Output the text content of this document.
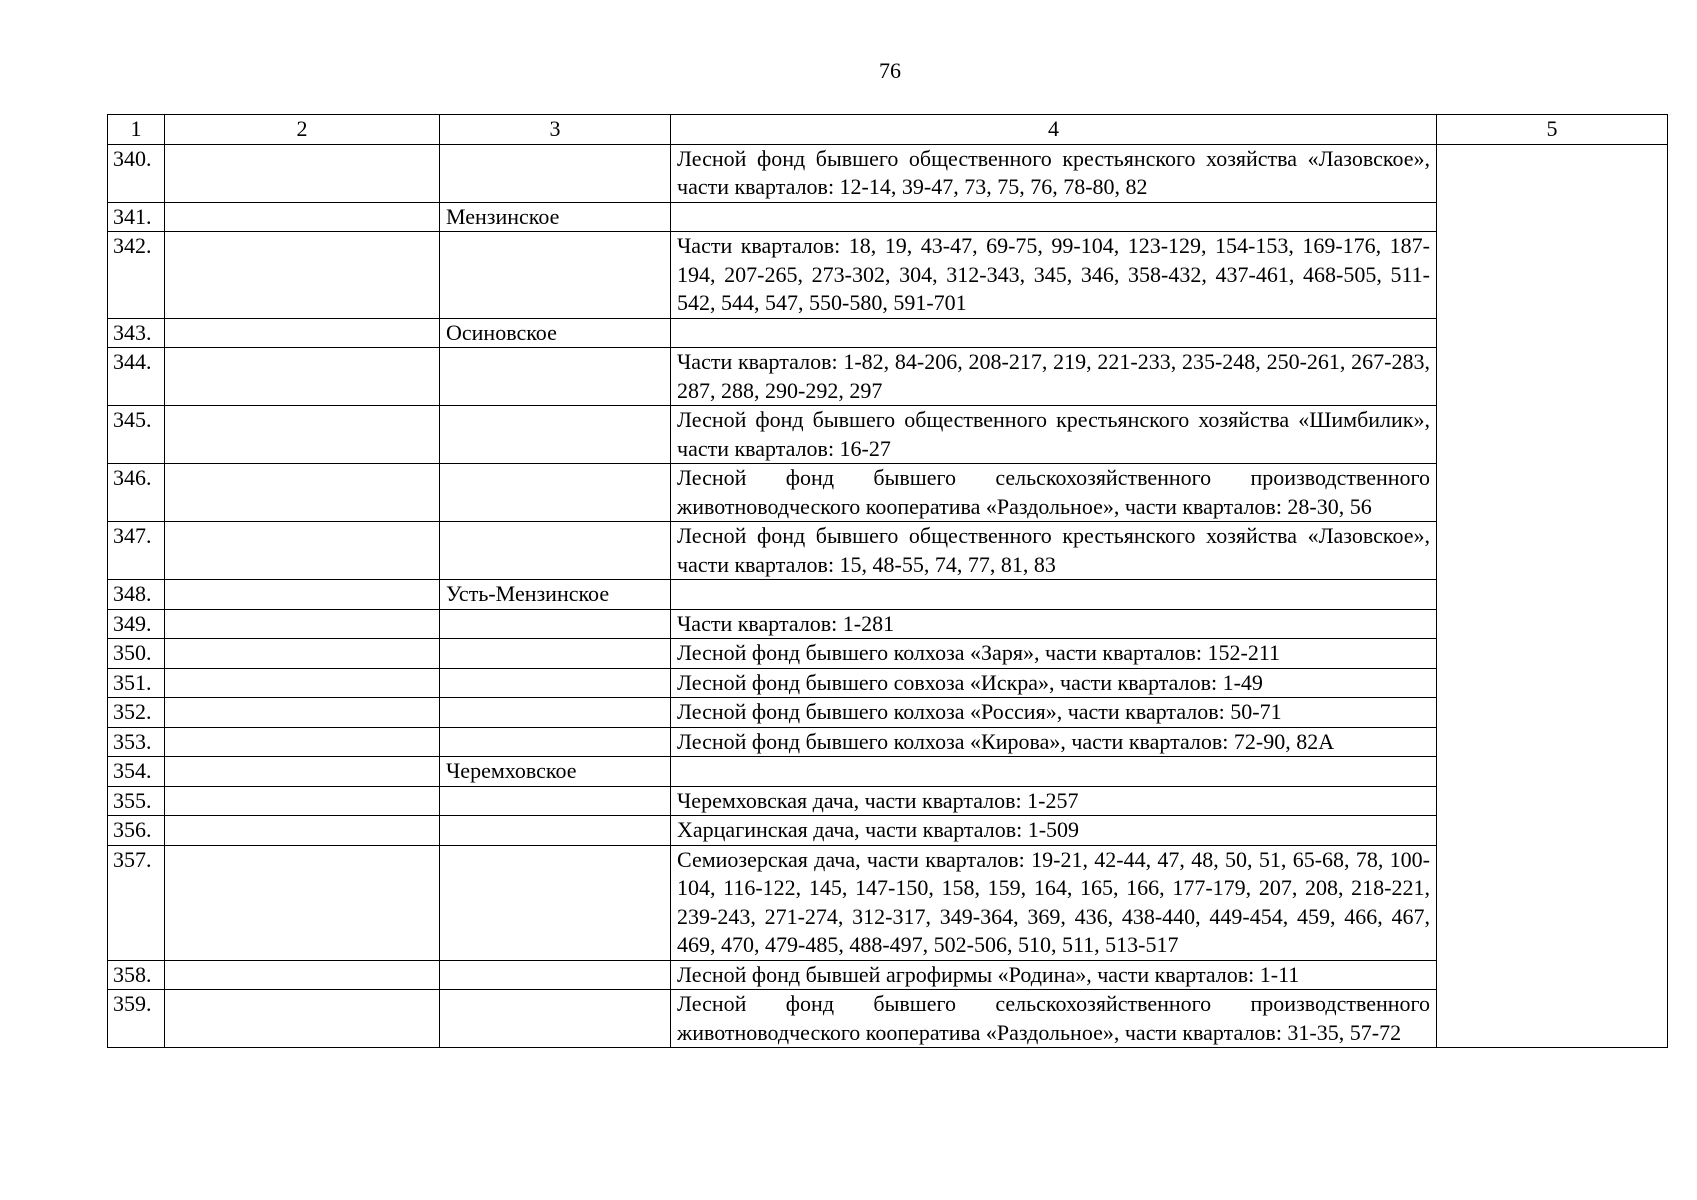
76
1	2	3	4	5
340.			Лесной фонд бывшего общественного крестьянского хозяйства «Лазовское», части кварталов: 12-14, 39-47, 73, 75, 76, 78-80, 82	
341.		Мензинское		
342.			Части кварталов: 18, 19, 43-47, 69-75, 99-104, 123-129, 154-153, 169-176, 187-194, 207-265, 273-302, 304, 312-343, 345, 346, 358-432, 437-461, 468-505, 511-542, 544, 547, 550-580, 591-701	
343.		Осиновское		
344.			Части кварталов: 1-82, 84-206, 208-217, 219, 221-233, 235-248, 250-261, 267-283, 287, 288, 290-292, 297	
345.			Лесной фонд бывшего общественного крестьянского хозяйства «Шимбилик», части кварталов: 16-27	
346.			Лесной фонд бывшего сельскохозяйственного производственного животноводческого кооператива «Раздольное», части кварталов: 28-30, 56	
347.			Лесной фонд бывшего общественного крестьянского хозяйства «Лазовское», части кварталов: 15, 48-55, 74, 77, 81, 83	
348.		Усть-Мензинское		
349.			Части кварталов: 1-281	
350.			Лесной фонд бывшего колхоза «Заря», части кварталов: 152-211	
351.			Лесной фонд бывшего совхоза «Искра», части кварталов: 1-49	
352.			Лесной фонд бывшего колхоза «Россия», части кварталов: 50-71	
353.			Лесной фонд бывшего колхоза «Кирова», части кварталов: 72-90, 82А	
354.		Черемховское		
355.			Черемховская дача, части кварталов: 1-257	
356.			Харцагинская дача, части кварталов: 1-509	
357.			Семиозерская дача, части кварталов: 19-21, 42-44, 47, 48, 50, 51, 65-68, 78, 100-104, 116-122, 145, 147-150, 158, 159, 164, 165, 166, 177-179, 207, 208, 218-221, 239-243, 271-274, 312-317, 349-364, 369, 436, 438-440, 449-454, 459, 466, 467, 469, 470, 479-485, 488-497, 502-506, 510, 511, 513-517	
358.			Лесной фонд бывшей агрофирмы «Родина», части кварталов: 1-11	
359.			Лесной фонд бывшего сельскохозяйственного производственного животноводческого кооператива «Раздольное», части кварталов: 31-35, 57-72	
